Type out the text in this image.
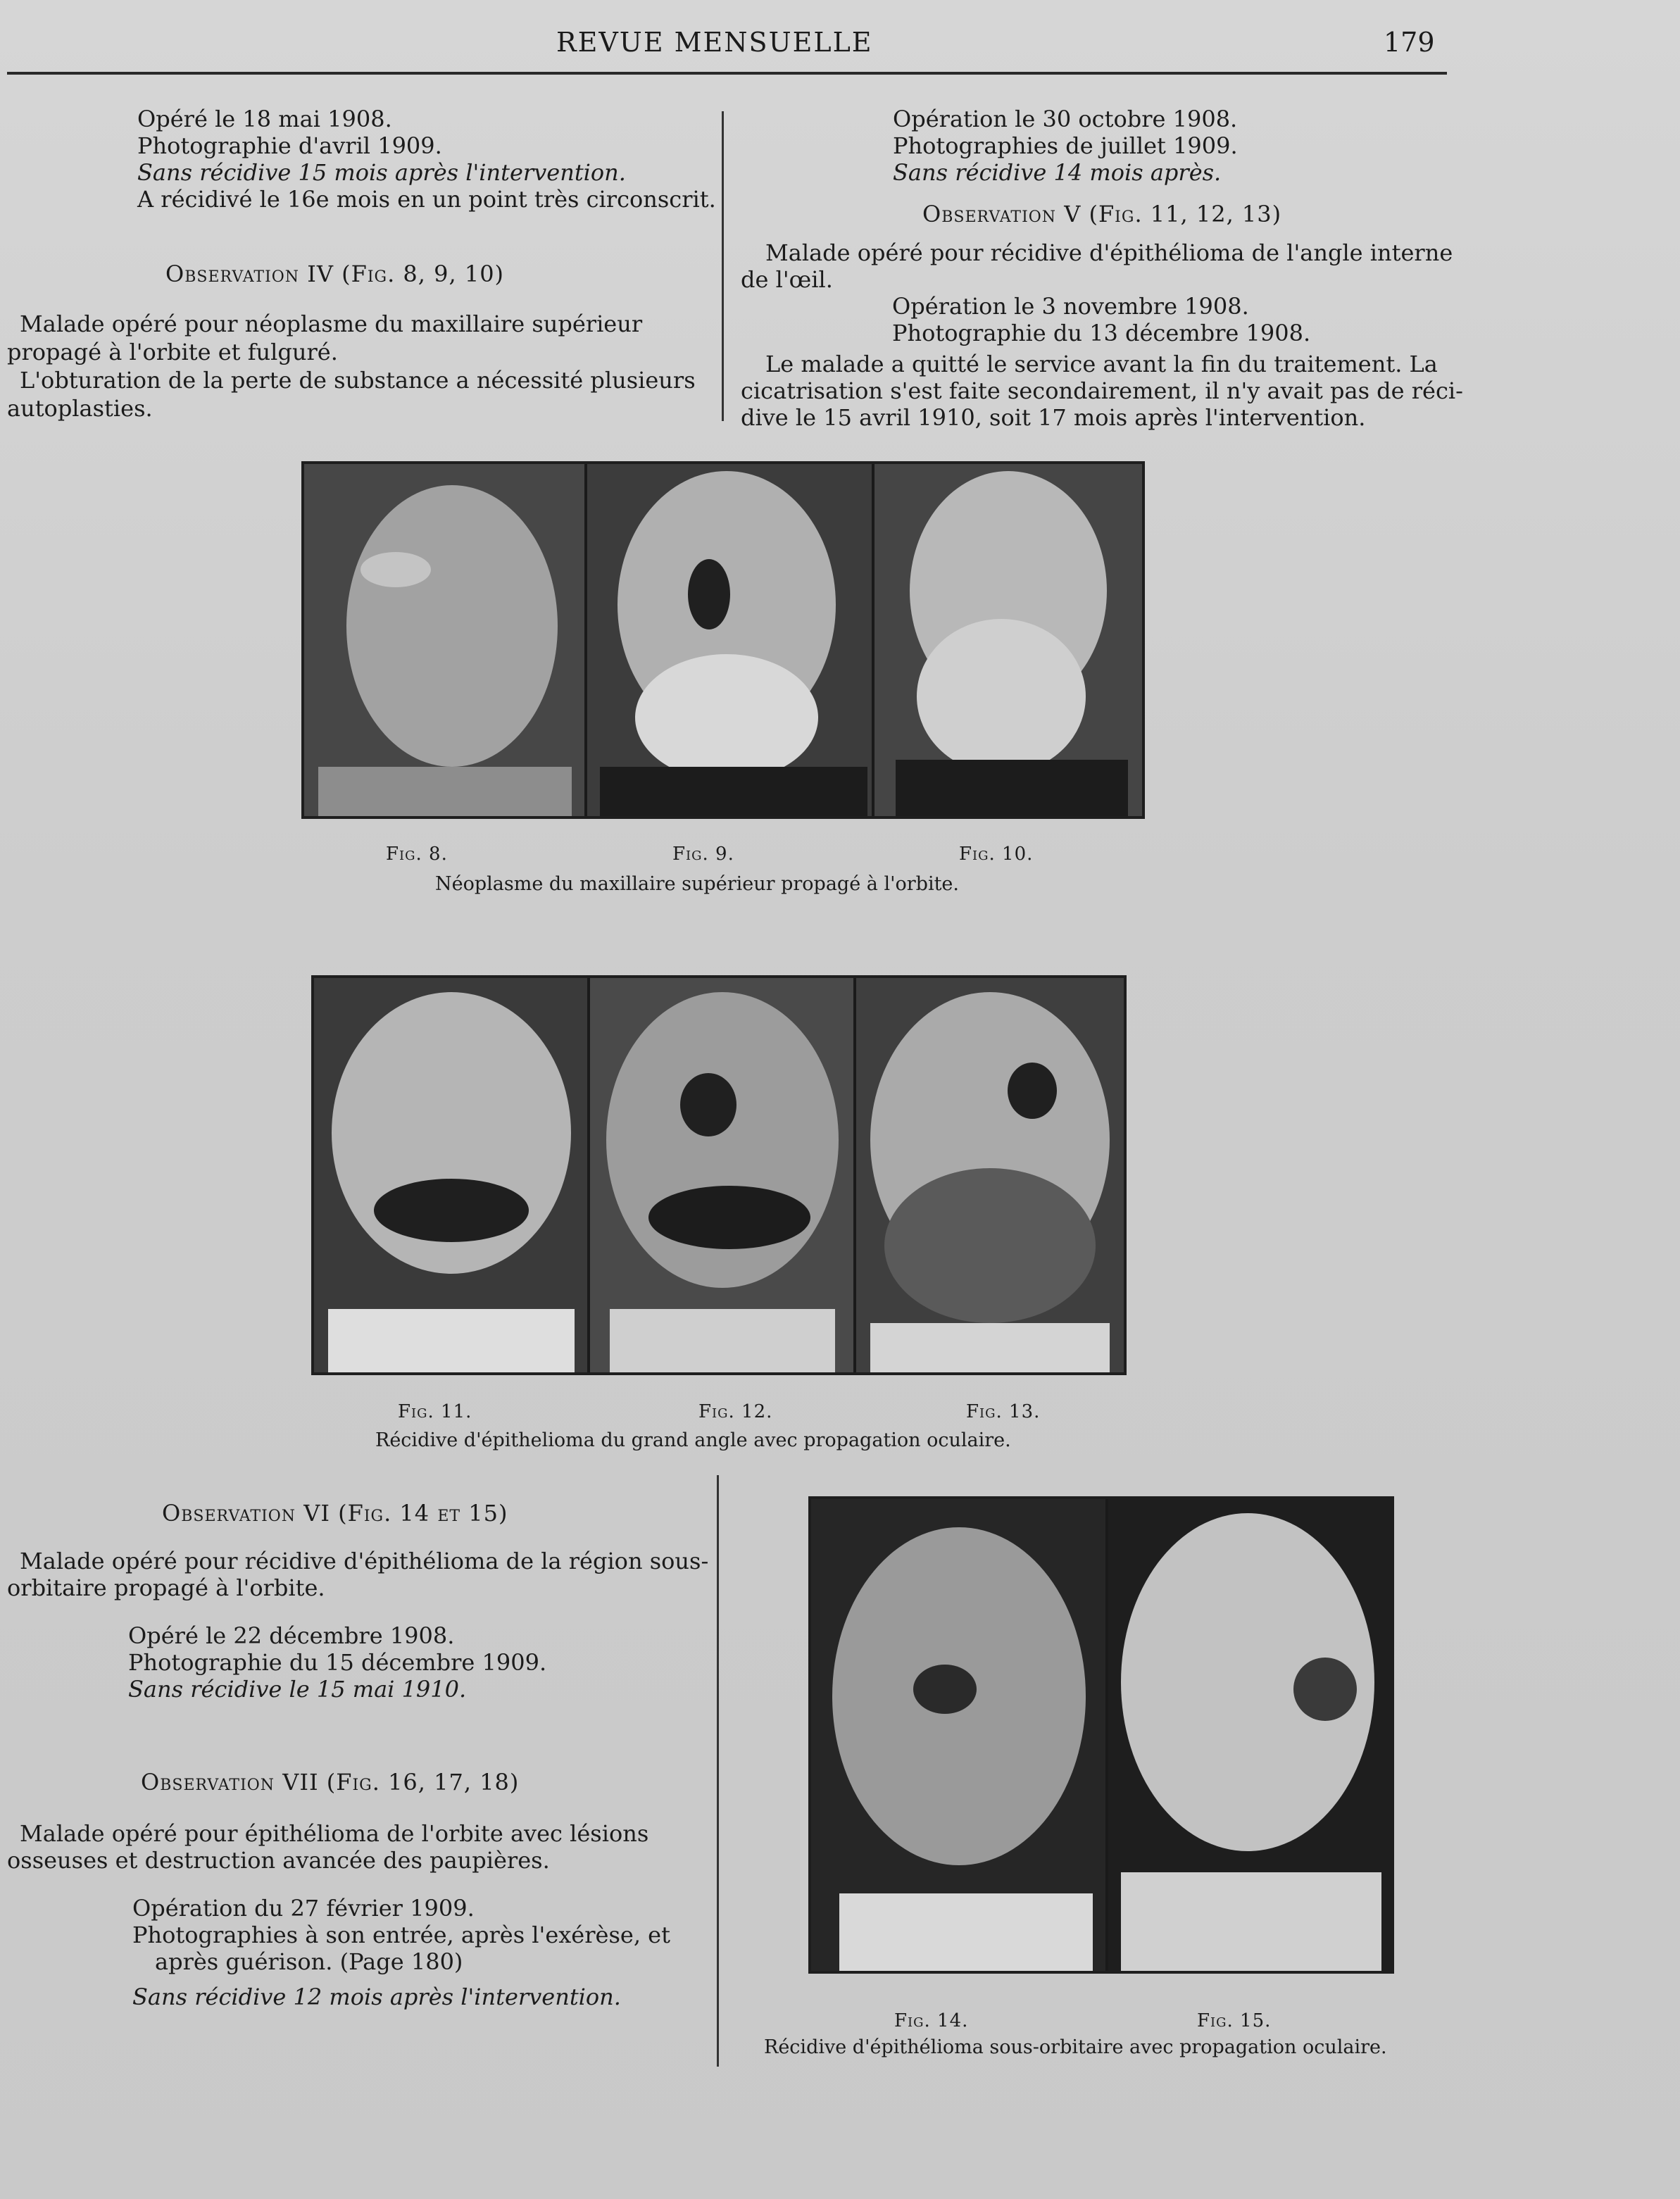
REVUE MENSUELLE	179

Opéré le 18 mai 1908.

Photographie d'avril 1909.

Sans récidive 15 mois après l'intervention.

A récidivé le 16e mois en un point très circonscrit.

Observation IV (Fig. 8, 9, 10)

Malade opéré pour néoplasme du maxillaire supérieur

propagé à l'orbite et fulguré.

L'obturation de la perte de substance a nécessité plusieurs

autoplasties.

Opération le 30 octobre 1908.

Photographies de juillet 1909.

Sans récidive 14 mois après.

Observation V (Fig. 11, 12, 13)

Malade opéré pour récidive d'épithélioma de l'angle interne

de l'œil.

Opération le 3 novembre 1908.

Photographie du 13 décembre 1908.

Le malade a quitté le service avant la fin du traitement. La

cicatrisation s'est faite secondairement, il n'y avait pas de réci-

dive le 15 avril 1910, soit 17 mois après l'intervention.

Fig. 8.	Fig. 9.	Fig. 10.
Néoplasme du maxillaire supérieur propagé à l'orbite.
Fig. 11.	Fig. 12.	Fig. 13.
Récidive d'épithelioma du grand angle avec propagation oculaire.
Observation VI (Fig. 14 et 15)

Malade opéré pour récidive d'épithélioma de la région sous-

orbitaire propagé à l'orbite.

Opéré le 22 décembre 1908.

Photographie du 15 décembre 1909.

Sans récidive le 15 mai 1910.

Observation VII (Fig. 16, 17, 18)

Malade opéré pour épithélioma de l'orbite avec lésions

osseuses et destruction avancée des paupières.

Opération du 27 février 1909.

Photographies à son entrée, après l'exérèse, et

après guérison. (Page 180)

Sans récidive 12 mois après l'intervention.

Fig. 14.	Fig. 15.
Récidive d'épithélioma sous-orbitaire avec propagation oculaire.
